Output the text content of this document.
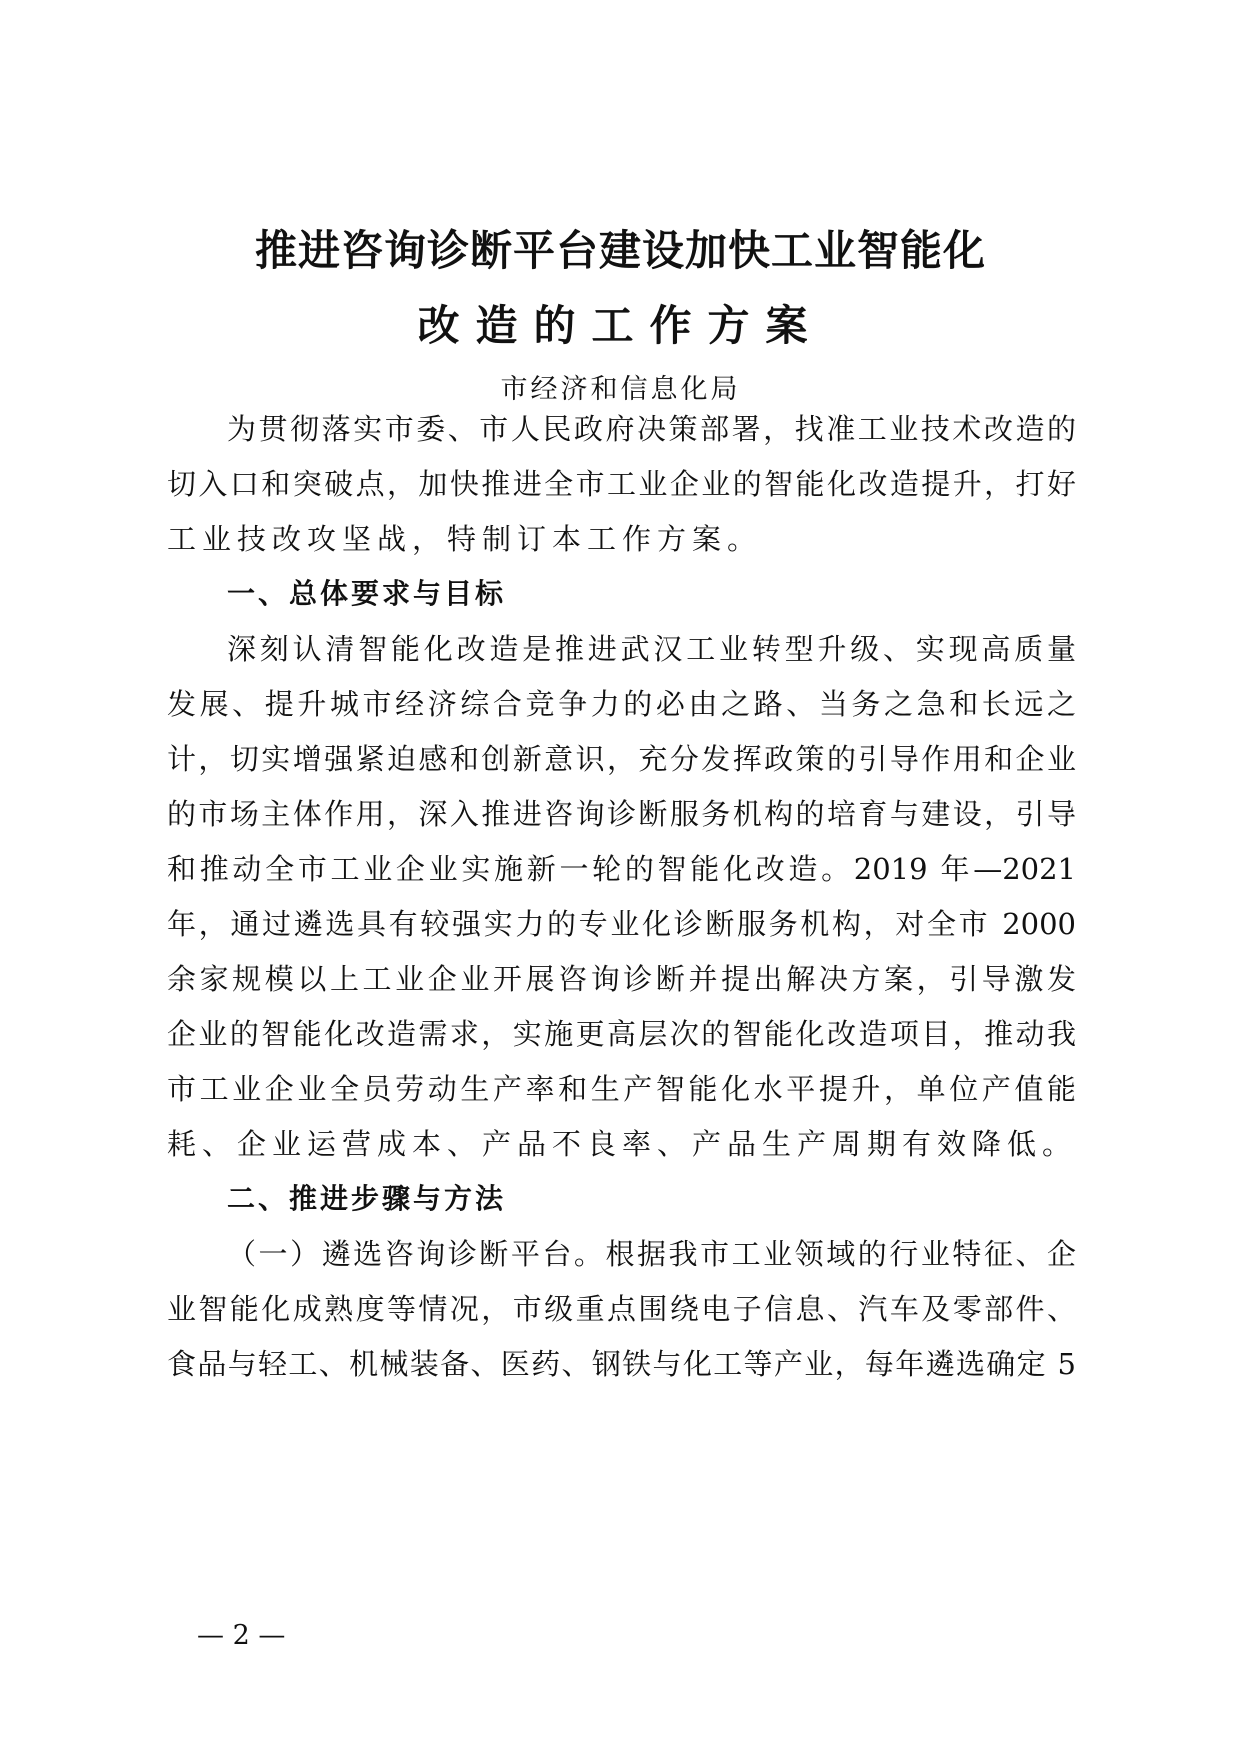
推进咨询诊断平台建设加快工业智能化
改造的工作方案
市经济和信息化局
为贯彻落实市委、市人民政府决策部署，找准工业技术改造的
切入口和突破点，加快推进全市工业企业的智能化改造提升，打好
工业技改攻坚战，特制订本工作方案。
一、总体要求与目标
深刻认清智能化改造是推进武汉工业转型升级、实现高质量
发展、提升城市经济综合竞争力的必由之路、当务之急和长远之
计，切实增强紧迫感和创新意识，充分发挥政策的引导作用和企业
的市场主体作用，深入推进咨询诊断服务机构的培育与建设，引导
和推动全市工业企业实施新一轮的智能化改造。2019 年—2021
年，通过遴选具有较强实力的专业化诊断服务机构，对全市 2000
余家规模以上工业企业开展咨询诊断并提出解决方案，引导激发
企业的智能化改造需求，实施更高层次的智能化改造项目，推动我
市工业企业全员劳动生产率和生产智能化水平提升，单位产值能
耗、企业运营成本、产品不良率、产品生产周期有效降低。
二、推进步骤与方法
（一）遴选咨询诊断平台。根据我市工业领域的行业特征、企
业智能化成熟度等情况，市级重点围绕电子信息、汽车及零部件、
食品与轻工、机械装备、医药、钢铁与化工等产业，每年遴选确定 5
— 2 —
